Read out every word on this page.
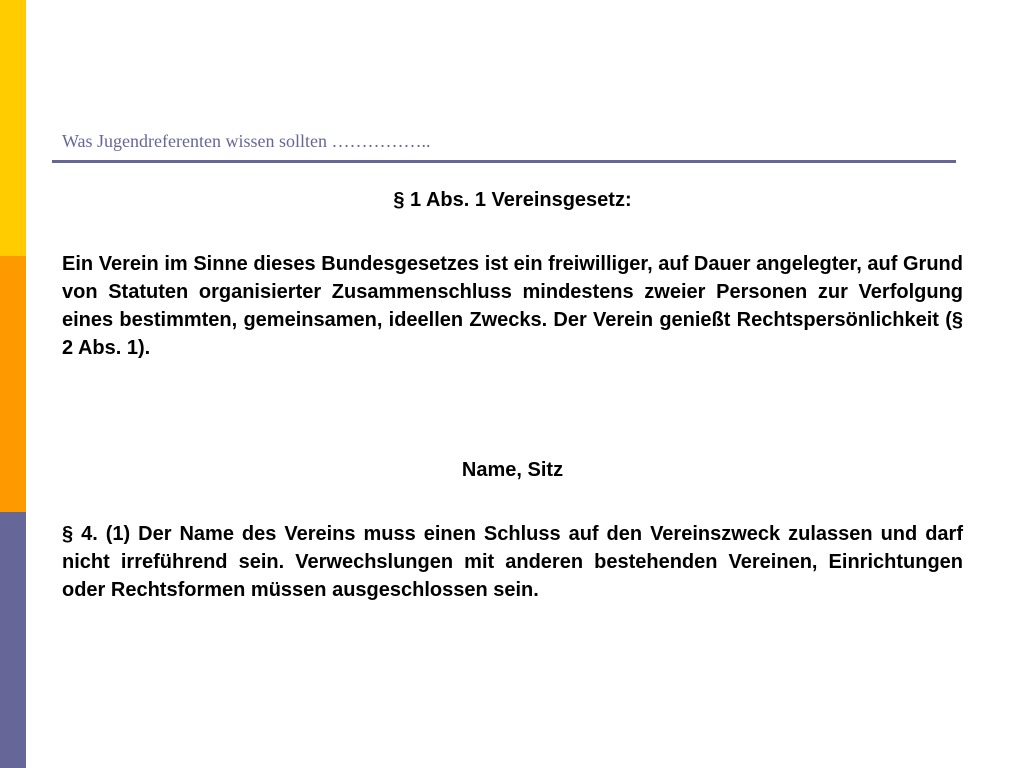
Was Jugendreferenten wissen sollten ……………..

§ 1 Abs. 1 Vereinsgesetz:

Ein Verein im Sinne dieses Bundesgesetzes ist ein freiwilliger, auf Dauer angelegter, auf Grund von Statuten organisierter Zusammenschluss mindestens zweier Personen zur Verfolgung eines bestimmten, gemeinsamen, ideellen Zwecks. Der Verein genießt Rechtspersönlichkeit (§ 2 Abs. 1).

Name, Sitz

§ 4. (1) Der Name des Vereins muss einen Schluss auf den Vereinszweck zulassen und darf nicht irreführend sein. Verwechslungen mit anderen bestehenden Vereinen, Einrichtungen oder Rechtsformen müssen ausgeschlossen sein.
